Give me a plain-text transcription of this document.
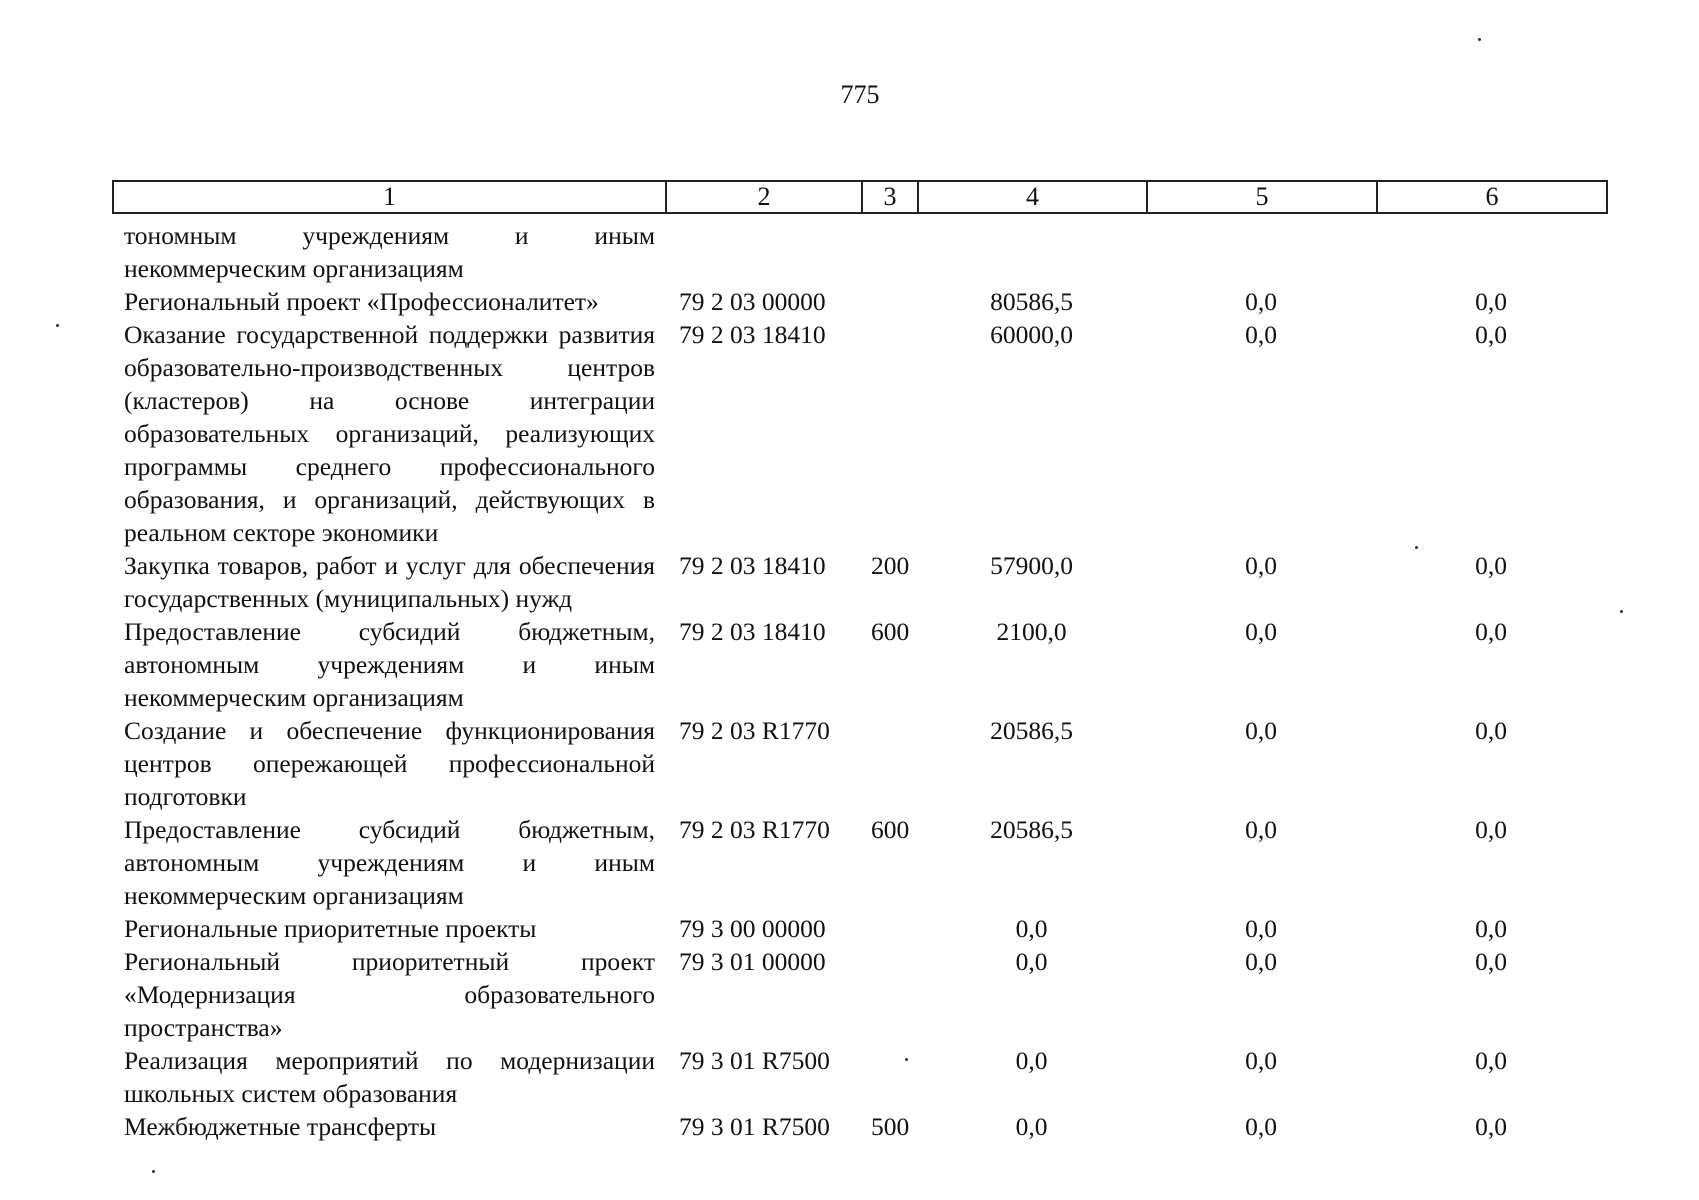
775
1	2	3	4	5	6
тономным учреждениям и иным некоммерческим организациям					
Региональный проект «Профессионалитет»	79 2 03 00000		80586,5	0,0	0,0
Оказание государственной поддержки развития образовательно-производственных центров (кластеров) на основе интеграции образовательных организаций, реализующих программы среднего профессионального образования, и организаций, действующих в реальном секторе экономики	79 2 03 18410		60000,0	0,0	0,0
Закупка товаров, работ и услуг для обеспечения государственных (муниципальных) нужд	79 2 03 18410	200	57900,0	0,0	0,0
Предоставление субсидий бюджетным, автономным учреждениям и иным некоммерческим организациям	79 2 03 18410	600	2100,0	0,0	0,0
Создание и обеспечение функционирования центров опережающей профессиональной подготовки	79 2 03 R1770		20586,5	0,0	0,0
Предоставление субсидий бюджетным, автономным учреждениям и иным некоммерческим организациям	79 2 03 R1770	600	20586,5	0,0	0,0
Региональные приоритетные проекты	79 3 00 00000		0,0	0,0	0,0
Региональный приоритетный проект «Модернизация образовательного пространства»	79 3 01 00000		0,0	0,0	0,0
Реализация мероприятий по модернизации школьных систем образования	79 3 01 R7500		0,0	0,0	0,0
Межбюджетные трансферты	79 3 01 R7500	500	0,0	0,0	0,0
